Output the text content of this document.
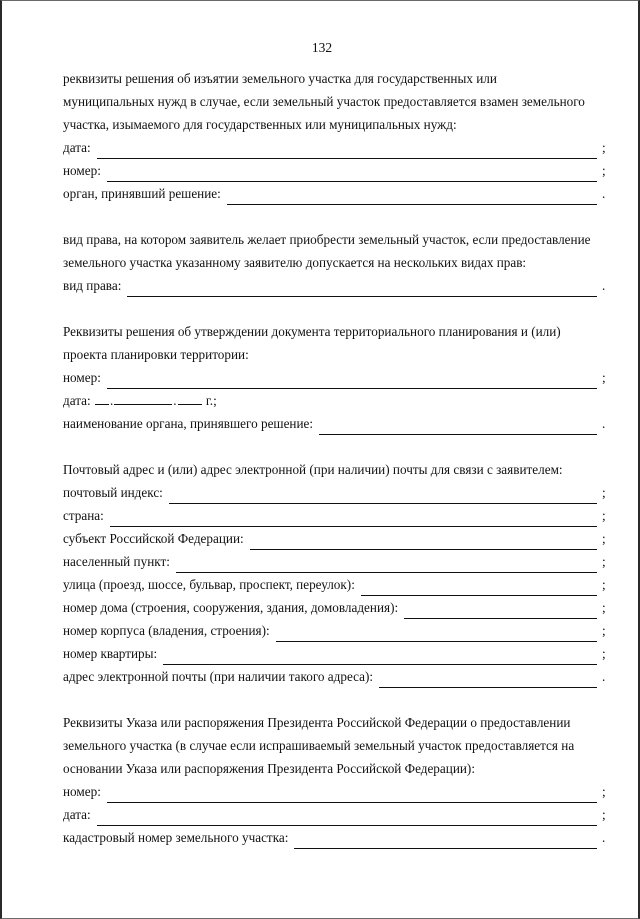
132
реквизиты решения об изъятии земельного участка для государственных или
муниципальных нужд в случае, если земельный участок предоставляется взамен земельного
участка, изымаемого для государственных или муниципальных нужд:
дата:	;
номер:	;
орган, принявший решение:	.
вид права, на котором заявитель желает приобрести земельный участок, если предоставление
земельного участка указанному заявителю допускается на нескольких видах прав:
вид права:	.
Реквизиты решения об утверждении документа территориального планирования и (или)
проекта планировки территории:
номер:	;
дата: .	. г.;
наименование органа, принявшего решение:	.
Почтовый адрес и (или) адрес электронной (при наличии) почты для связи с заявителем:
почтовый индекс:	;
страна:	;
субъект Российской Федерации:	;
населенный пункт:	;
улица (проезд, шоссе, бульвар, проспект, переулок):	;
номер дома (строения, сооружения, здания, домовладения):	;
номер корпуса (владения, строения):	;
номер квартиры:	;
адрес электронной почты (при наличии такого адреса):	.
Реквизиты Указа или распоряжения Президента Российской Федерации о предоставлении
земельного участка (в случае если испрашиваемый земельный участок предоставляется на
основании Указа или распоряжения Президента Российской Федерации):
номер:	;
дата:	;
кадастровый номер земельного участка:	.
